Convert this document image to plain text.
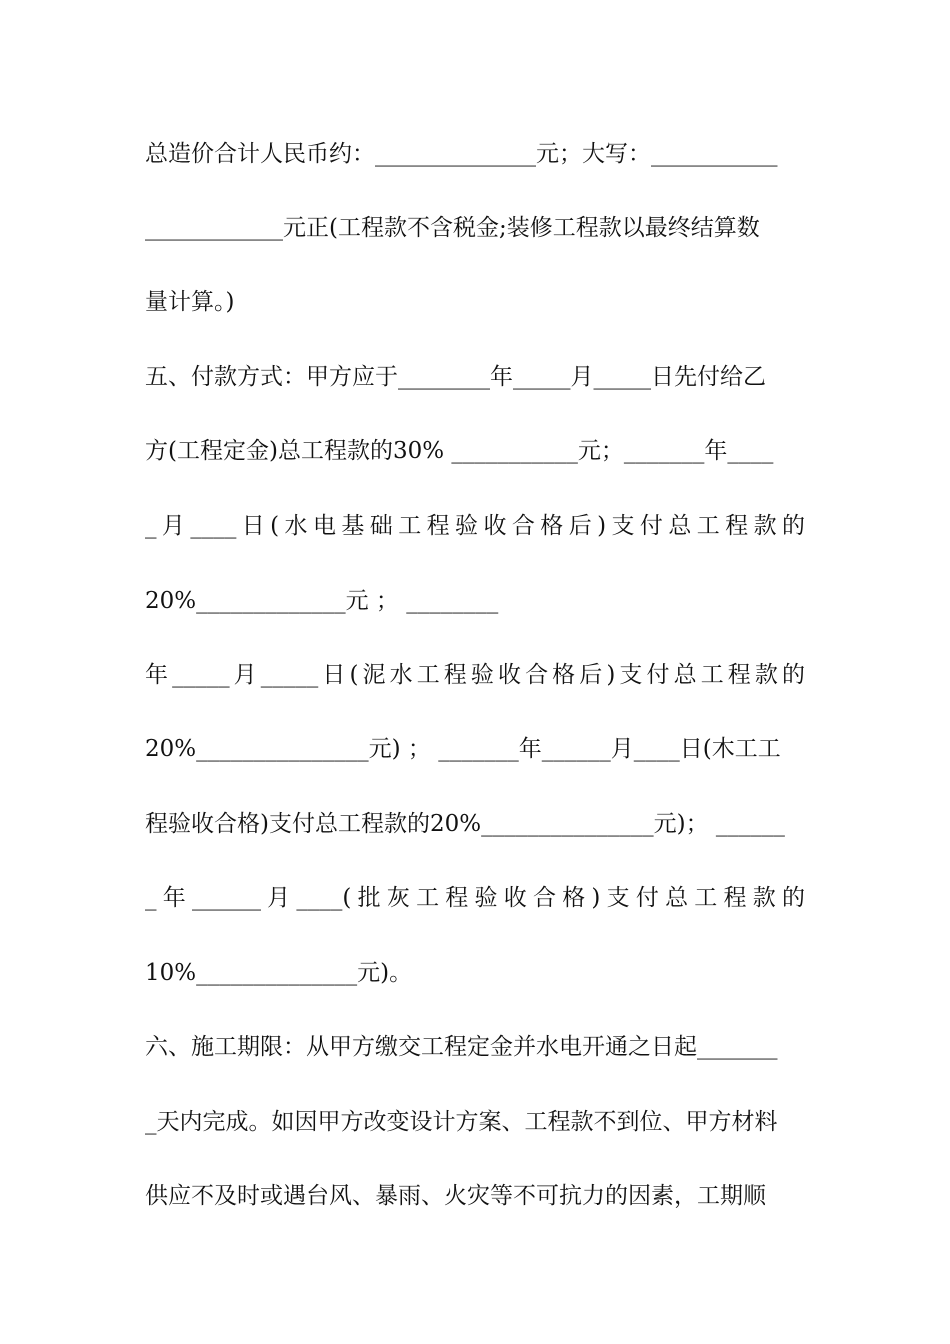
总造价合计人民币约：______________元；大写：___________
____________元正(工程款不含税金;装修工程款以最终结算数
量计算。)
五、付款方式：甲方应于________年_____月_____日先付给乙
方(工程定金)总工程款的30% ___________元；_______年____
_月____日(水电基础工程验收合格后)支付总工程款的
20%_____________元 ； ________
年_____月_____日(泥水工程验收合格后)支付总工程款的
20%_______________元) ； _______年______月____日(木工工
程验收合格)支付总工程款的20%_______________元)； ______
_年______月____(批灰工程验收合格)支付总工程款的
10%______________元)。
六、施工期限：从甲方缴交工程定金并水电开通之日起_______
_天内完成。如因甲方改变设计方案、工程款不到位、甲方材料
供应不及时或遇台风、暴雨、火灾等不可抗力的因素，工期顺
